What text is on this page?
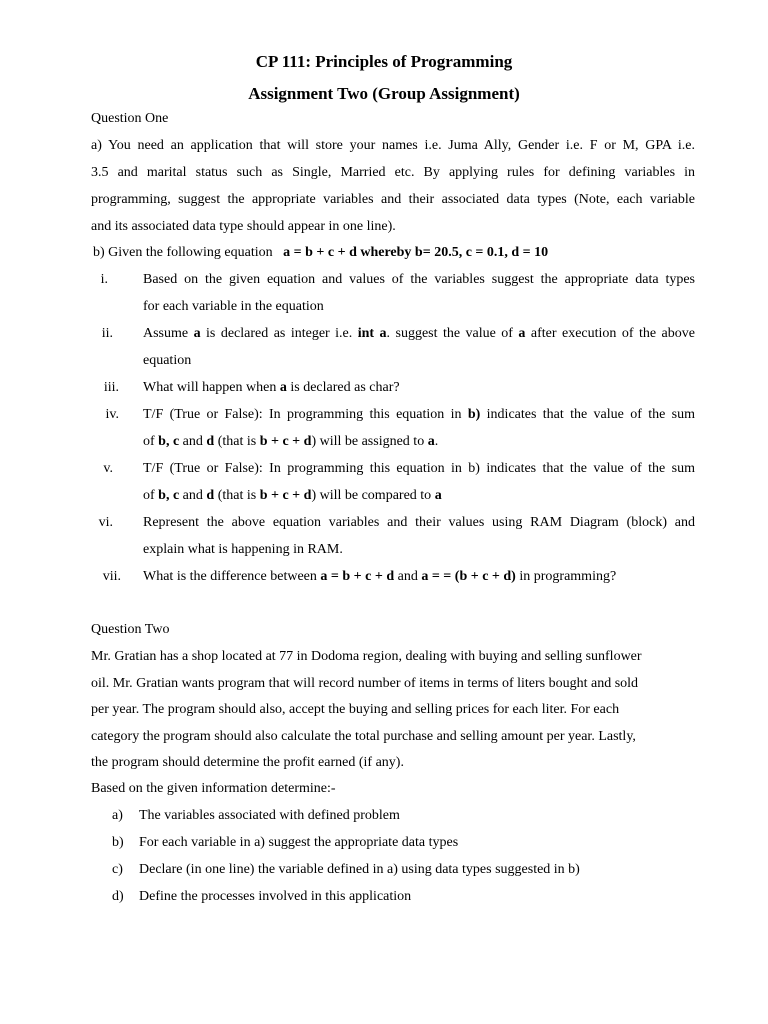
CP 111: Principles of Programming
Assignment Two (Group Assignment)
Question One
a) You need an application that will store your names i.e. Juma Ally, Gender i.e. F or M, GPA i.e.
3.5 and marital status such as Single, Married etc. By applying rules for defining variables in
programming, suggest the appropriate variables and their associated data types (Note, each variable
and its associated data type should appear in one line).
b) Given the following equation a = b + c + d whereby b= 20.5, c = 0.1, d = 10
i.	Based on the given equation and values of the variables suggest the appropriate data types
for each variable in the equation
ii. Assume a is declared as integer i.e. int a. suggest the value of a after execution of the above
equation
iii. What will happen when a is declared as char?
iv. T/F (True or False): In programming this equation in b) indicates that the value of the sum
of b, c and d (that is b + c + d) will be assigned to a.
v. T/F (True or False): In programming this equation in b) indicates that the value of the sum
of b, c and d (that is b + c + d) will be compared to a
vi. Represent the above equation variables and their values using RAM Diagram (block) and
explain what is happening in RAM.
vii. What is the difference between a = b + c + d and a = = (b + c + d) in programming?
Question Two
Mr. Gratian has a shop located at 77 in Dodoma region, dealing with buying and selling sunflower
oil. Mr. Gratian wants program that will record number of items in terms of liters bought and sold
per year. The program should also, accept the buying and selling prices for each liter. For each
category the program should also calculate the total purchase and selling amount per year. Lastly,
the program should determine the profit earned (if any).
Based on the given information determine:-
a) The variables associated with defined problem
b) For each variable in a) suggest the appropriate data types
c) Declare (in one line) the variable defined in a) using data types suggested in b)
d) Define the processes involved in this application
